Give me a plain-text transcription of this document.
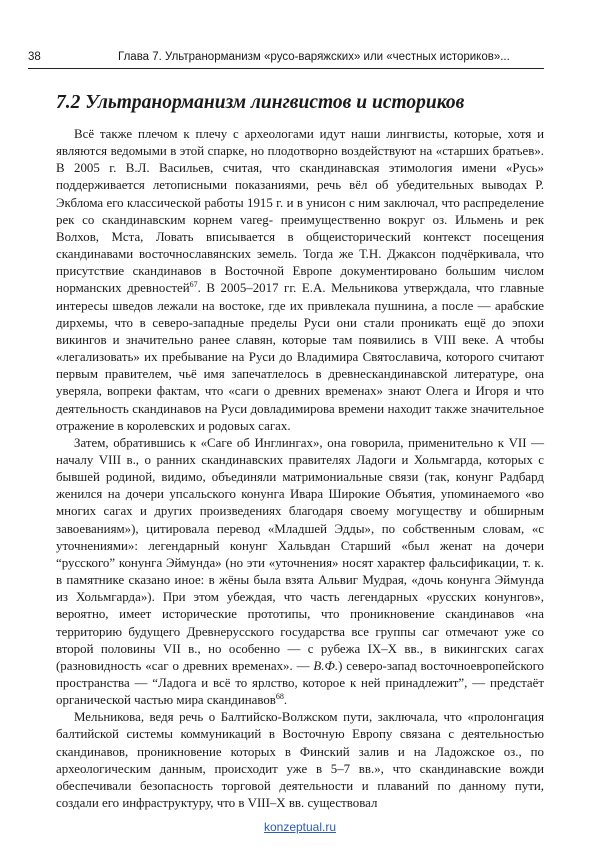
38	Глава 7. Ультранорманизм «русо-варяжских» или «честных историков»...
7.2 Ультранорманизм лингвистов и историков

Всё также плечом к плечу с археологами идут наши лингвисты, которые, хотя и являются ведомыми в этой спарке, но плодотворно воздействуют на «старших братьев». В 2005 г. В.Л. Васильев, считая, что скандинавская этимология имени «Русь» поддерживается летописными показаниями, речь вёл об убедительных выводах Р. Экблома его классической работы 1915 г. и в унисон с ним заключал, что распределение рек со скандинавским корнем vareg- преимущественно вокруг оз. Ильмень и рек Волхов, Мста, Ловать вписывается в общеисторический контекст посещения скандинавами восточнославянских земель. Тогда же Т.Н. Джаксон подчёркивала, что присутствие скандинавов в Восточной Европе документировано большим числом норманских древностей$^{67}$. В 2005–2017 гг. Е.А. Мельникова утверждала, что главные интересы шведов лежали на востоке, где их привлекала пушнина, а после — арабские дирхемы, что в северо-западные пределы Руси они стали проникать ещё до эпохи викингов и значительно ранее славян, которые там появились в VIII веке. А чтобы «легализовать» их пребывание на Руси до Владимира Святославича, которого считают первым правителем, чьё имя запечатлелось в древнескандинавской литературе, она уверяла, вопреки фактам, что «саги о древних временах» знают Олега и Игоря и что деятельность скандинавов на Руси довладимирова времени находит также значительное отражение в королевских и родовых сагах.

Затем, обратившись к «Саге об Инглингах», она говорила, применительно к VII — началу VIII в., о ранних скандинавских правителях Ладоги и Хольмгарда, которых с бывшей родиной, видимо, объединяли матримониальные связи (так, конунг Радбард женился на дочери упсальского конунга Ивара Широкие Объятия, упоминаемого «во многих сагах и других произведениях благодаря своему могуществу и обширным завоеваниям»), цитировала перевод «Младшей Эдды», по собственным словам, «с уточнениями»: легендарный конунг Хальвдан Старший «был женат на дочери “русского” конунга Эймунда» (но эти «уточнения» носят характер фальсификации, т. к. в памятнике сказано иное: в жёны была взята Альвиг Мудрая, «дочь конунга Эймунда из Хольмгарда»). При этом убеждая, что часть легендарных «русских конунгов», вероятно, имеет исторические прототипы, что проникновение скандинавов «на территорию будущего Древнерусского государства все группы саг отмечают уже со второй половины VII в., но особенно — с рубежа IX–X вв., в викингских сагах (разновидность «саг о древних временах». — В.Ф.) северо-запад восточноевропейского пространства — “Ладога и всё то ярлство, которое к ней принадлежит”, — предстаёт органической частью мира скандинавов$^{68}$.

Мельникова, ведя речь о Балтийско-Волжском пути, заключала, что «пролонгация балтийской системы коммуникаций в Восточную Европу связана с деятельностью скандинавов, проникновение которых в Финский залив и на Ладожское оз., по археологическим данным, происходит уже в 5–7 вв.», что скандинавские вожди обеспечивали безопасность торговой деятельности и плаваний по данному пути, создали его инфраструктуру, что в VIII–X вв. существовал

konzeptual.ru
